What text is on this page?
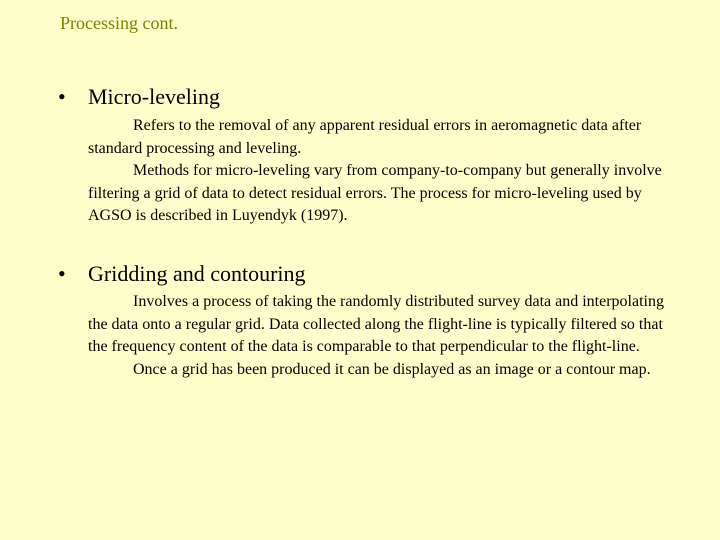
Processing cont.
•	Micro-leveling

Refers to the removal of any apparent residual errors in aeromagnetic data after standard processing and leveling.

Methods for micro-leveling vary from company-to-company but generally involve filtering a grid of data to detect residual errors. The process for micro-leveling used by AGSO is described in Luyendyk (1997).

•	Gridding and contouring

Involves a process of taking the randomly distributed survey data and interpolating the data onto a regular grid. Data collected along the flight-line is typically filtered so that the frequency content of the data is comparable to that perpendicular to the flight-line.

Once a grid has been produced it can be displayed as an image or a contour map.
